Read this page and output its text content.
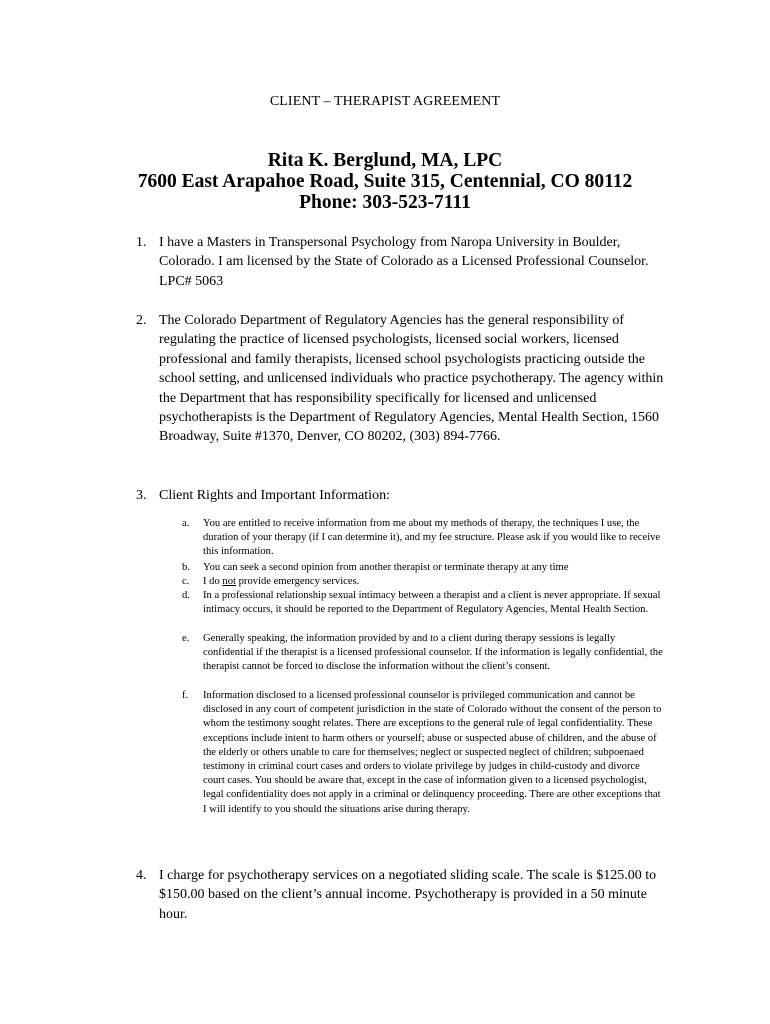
CLIENT – THERAPIST AGREEMENT
Rita K. Berglund, MA, LPC
7600 East Arapahoe Road, Suite 315, Centennial, CO 80112
Phone: 303-523-7111
1. I have a Masters in Transpersonal Psychology from Naropa University in Boulder, Colorado. I am licensed by the State of Colorado as a Licensed Professional Counselor. LPC# 5063
2. The Colorado Department of Regulatory Agencies has the general responsibility of regulating the practice of licensed psychologists, licensed social workers, licensed professional and family therapists, licensed school psychologists practicing outside the school setting, and unlicensed individuals who practice psychotherapy. The agency within the Department that has responsibility specifically for licensed and unlicensed psychotherapists is the Department of Regulatory Agencies, Mental Health Section, 1560 Broadway, Suite #1370, Denver, CO 80202, (303) 894-7766.
3. Client Rights and Important Information:
a. You are entitled to receive information from me about my methods of therapy, the techniques I use, the duration of your therapy (if I can determine it), and my fee structure. Please ask if you would like to receive this information.
b. You can seek a second opinion from another therapist or terminate therapy at any time
c. I do not provide emergency services.
d. In a professional relationship sexual intimacy between a therapist and a client is never appropriate. If sexual intimacy occurs, it should be reported to the Department of Regulatory Agencies, Mental Health Section.
e. Generally speaking, the information provided by and to a client during therapy sessions is legally confidential if the therapist is a licensed professional counselor. If the information is legally confidential, the therapist cannot be forced to disclose the information without the client’s consent.
f. Information disclosed to a licensed professional counselor is privileged communication and cannot be disclosed in any court of competent jurisdiction in the state of Colorado without the consent of the person to whom the testimony sought relates. There are exceptions to the general rule of legal confidentiality. These exceptions include intent to harm others or yourself; abuse or suspected abuse of children, and the abuse of the elderly or others unable to care for themselves; neglect or suspected neglect of children; subpoenaed testimony in criminal court cases and orders to violate privilege by judges in child-custody and divorce court cases. You should be aware that, except in the case of information given to a licensed psychologist, legal confidentiality does not apply in a criminal or delinquency proceeding. There are other exceptions that I will identify to you should the situations arise during therapy.
4. I charge for psychotherapy services on a negotiated sliding scale. The scale is $125.00 to $150.00 based on the client’s annual income. Psychotherapy is provided in a 50 minute hour.
